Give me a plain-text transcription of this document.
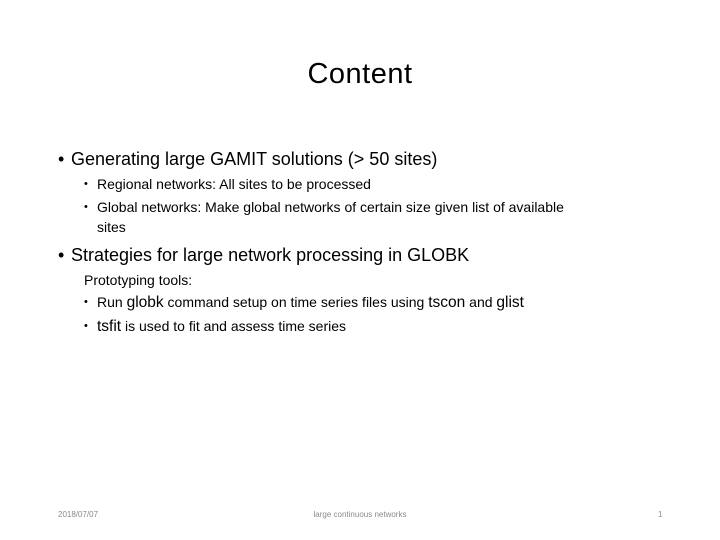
Content
• Generating large GAMIT solutions (> 50 sites)
• Regional networks: All sites to be processed
• Global networks: Make global networks of certain size given list of available
sites
• Strategies for large network processing in GLOBK
Prototyping tools:
• Run globk command setup on time series files using tscon and glist
• tsfit is used to fit and assess time series
2018/07/07	large continuous networks	1
